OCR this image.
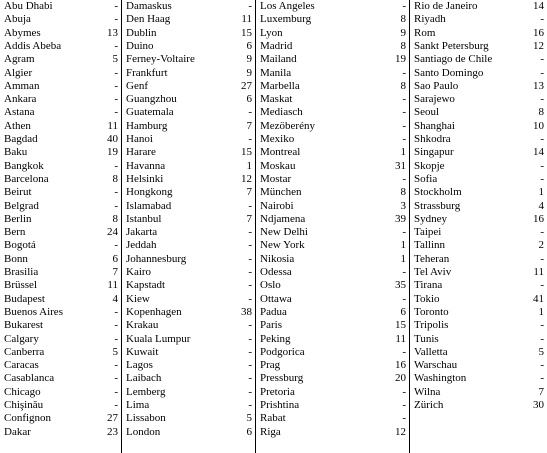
Abu Dhabi	-
Abuja	-
Abymes	13
Addis Abeba	-
Agram	5
Algier	-
Amman	-
Ankara	-
Astana	-
Athen	11
Bagdad	40
Baku	19
Bangkok	-
Barcelona	8
Beirut	-
Belgrad	-
Berlin	8
Bern	24
Bogotá	-
Bonn	6
Brasilia	7
Brüssel	11
Budapest	4
Buenos Aires	-
Bukarest	-
Calgary	-
Canberra	5
Caracas	-
Casablanca	-
Chicago	-
Chişinău	-
Confignon	27
Dakar	23
Damaskus	-
Den Haag	11
Dublin	15
Duino	6
Ferney-Voltaire	9
Frankfurt	9
Genf	27
Guangzhou	6
Guatemala	-
Hamburg	7
Hanoi	-
Harare	15
Havanna	1
Helsinki	12
Hongkong	7
Islamabad	-
Istanbul	7
Jakarta	-
Jeddah	-
Johannesburg	-
Kairo	-
Kapstadt	-
Kiew	-
Kopenhagen	38
Krakau	-
Kuala Lumpur	-
Kuwait	-
Lagos	-
Laibach	-
Lemberg	-
Lima	-
Lissabon	5
London	6
Los Angeles	-
Luxemburg	8
Lyon	9
Madrid	8
Mailand	19
Manila	-
Marbella	8
Maskat	-
Mediasch	-
Mezöberény	-
Mexiko	-
Montreal	1
Moskau	31
Mostar	-
München	8
Nairobi	3
Ndjamena	39
New Delhi	-
New York	1
Nikosia	1
Odessa	-
Oslo	35
Ottawa	-
Padua	6
Paris	15
Peking	11
Podgorica	-
Prag	16
Pressburg	20
Pretoria	-
Prishtina	-
Rabat	-
Riga	12
Rio de Janeiro	14
Riyadh	-
Rom	16
Sankt Petersburg	12
Santiago de Chile	-
Santo Domingo	-
Sao Paulo	13
Sarajewo	-
Seoul	8
Shanghai	10
Shkodra	-
Singapur	14
Skopje	-
Sofia	-
Stockholm	1
Strassburg	4
Sydney	16
Taipei	-
Tallinn	2
Teheran	-
Tel Aviv	11
Tirana	-
Tokio	41
Toronto	1
Tripolis	-
Tunis	-
Valletta	5
Warschau	-
Washington	-
Wilna	7
Zürich	30
